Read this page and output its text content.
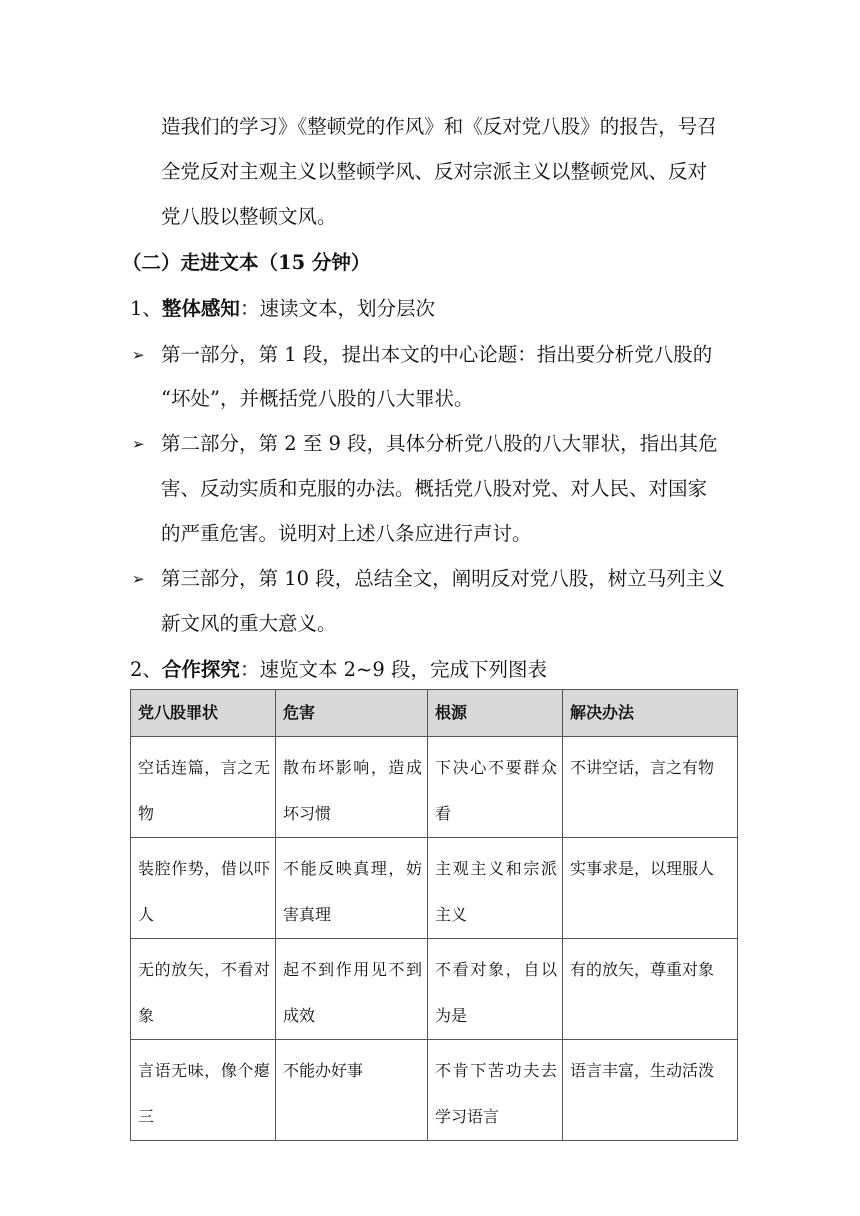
造我们的学习》《整顿党的作风》和《反对党八股》的报告，号召
全党反对主观主义以整顿学风、反对宗派主义以整顿党风、反对
党八股以整顿文风。
（二）走进文本（15 分钟）
1、整体感知：速读文本，划分层次
➢ 第一部分，第 1 段，提出本文的中心论题：指出要分析党八股的
“坏处”，并概括党八股的八大罪状。
➢ 第二部分，第 2 至 9 段，具体分析党八股的八大罪状，指出其危
害、反动实质和克服的办法。概括党八股对党、对人民、对国家
的严重危害。说明对上述八条应进行声讨。
➢ 第三部分，第 10 段，总结全文，阐明反对党八股，树立马列主义
新文风的重大意义。
2、合作探究：速览文本 2~9 段，完成下列图表
党八股罪状	危害	根源	解决办法
空话连篇，言之无物	散布坏影响，造成坏习惯	下决心不要群众看	不讲空话，言之有物
装腔作势，借以吓人	不能反映真理，妨害真理	主观主义和宗派主义	实事求是，以理服人
无的放矢，不看对象	起不到作用见不到成效	不看对象，自以为是	有的放矢，尊重对象
言语无味，像个瘪三	不能办好事	不肯下苦功夫去学习语言	语言丰富，生动活泼
